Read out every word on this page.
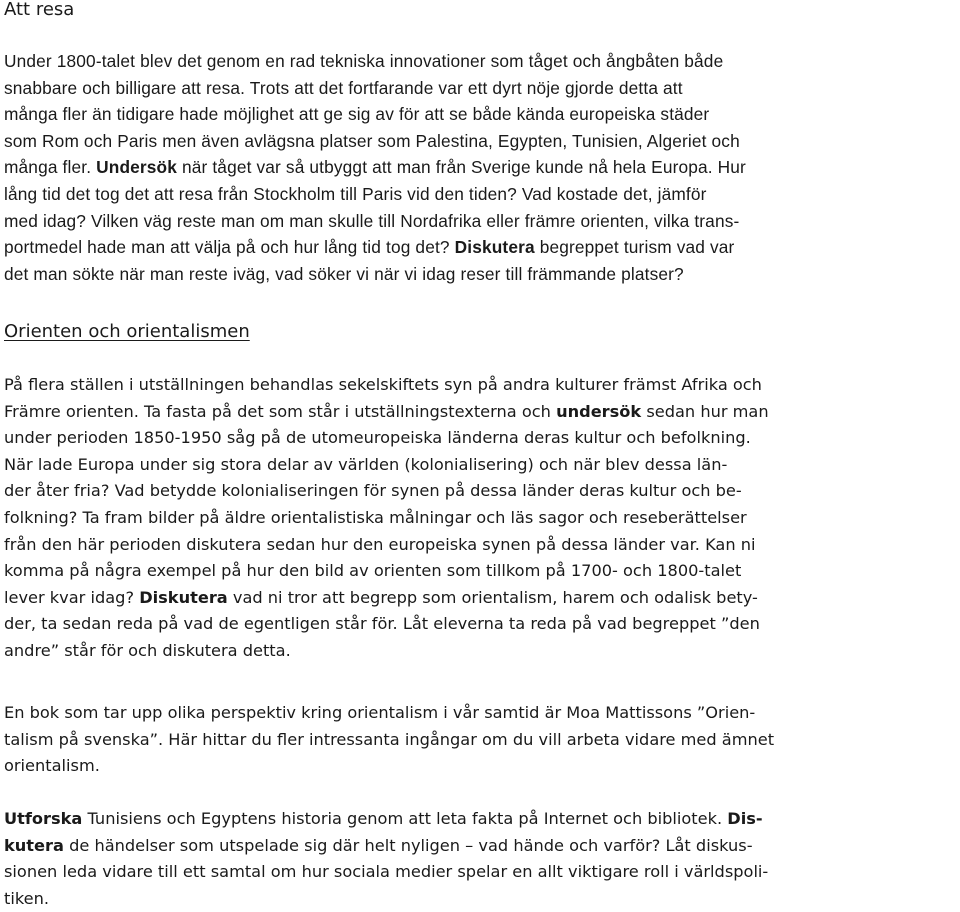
Att resa
Under 1800-talet blev det genom en rad tekniska innovationer som tåget och ångbåten både
snabbare och billigare att resa. Trots att det fortfarande var ett dyrt nöje gjorde detta att
många fler än tidigare hade möjlighet att ge sig av för att se både kända europeiska städer
som Rom och Paris men även avlägsna platser som Palestina, Egypten, Tunisien, Algeriet och
många fler. Undersök när tåget var så utbyggt att man från Sverige kunde nå hela Europa. Hur
lång tid det tog det att resa från Stockholm till Paris vid den tiden? Vad kostade det, jämför
med idag? Vilken väg reste man om man skulle till Nordafrika eller främre orienten, vilka trans-
portmedel hade man att välja på och hur lång tid tog det? Diskutera begreppet turism vad var
det man sökte när man reste iväg, vad söker vi när vi idag reser till främmande platser?
Orienten och orientalismen
På flera ställen i utställningen behandlas sekelskiftets syn på andra kulturer främst Afrika och
Främre orienten. Ta fasta på det som står i utställningstexterna och undersök sedan hur man
under perioden 1850-1950 såg på de utomeuropeiska länderna deras kultur och befolkning.
När lade Europa under sig stora delar av världen (kolonialisering) och när blev dessa län-
der åter fria? Vad betydde kolonialiseringen för synen på dessa länder deras kultur och be-
folkning? Ta fram bilder på äldre orientalistiska målningar och läs sagor och reseberättelser
från den här perioden diskutera sedan hur den europeiska synen på dessa länder var. Kan ni
komma på några exempel på hur den bild av orienten som tillkom på 1700- och 1800-talet
lever kvar idag? Diskutera vad ni tror att begrepp som orientalism, harem och odalisk bety-
der, ta sedan reda på vad de egentligen står för. Låt eleverna ta reda på vad begreppet ”den
andre” står för och diskutera detta.
En bok som tar upp olika perspektiv kring orientalism i vår samtid är Moa Mattissons ”Orien-
talism på svenska”. Här hittar du fler intressanta ingångar om du vill arbeta vidare med ämnet
orientalism.
Utforska Tunisiens och Egyptens historia genom att leta fakta på Internet och bibliotek. Dis-
kutera de händelser som utspelade sig där helt nyligen – vad hände och varför? Låt diskus-
sionen leda vidare till ett samtal om hur sociala medier spelar en allt viktigare roll i världspoli-
tiken.
